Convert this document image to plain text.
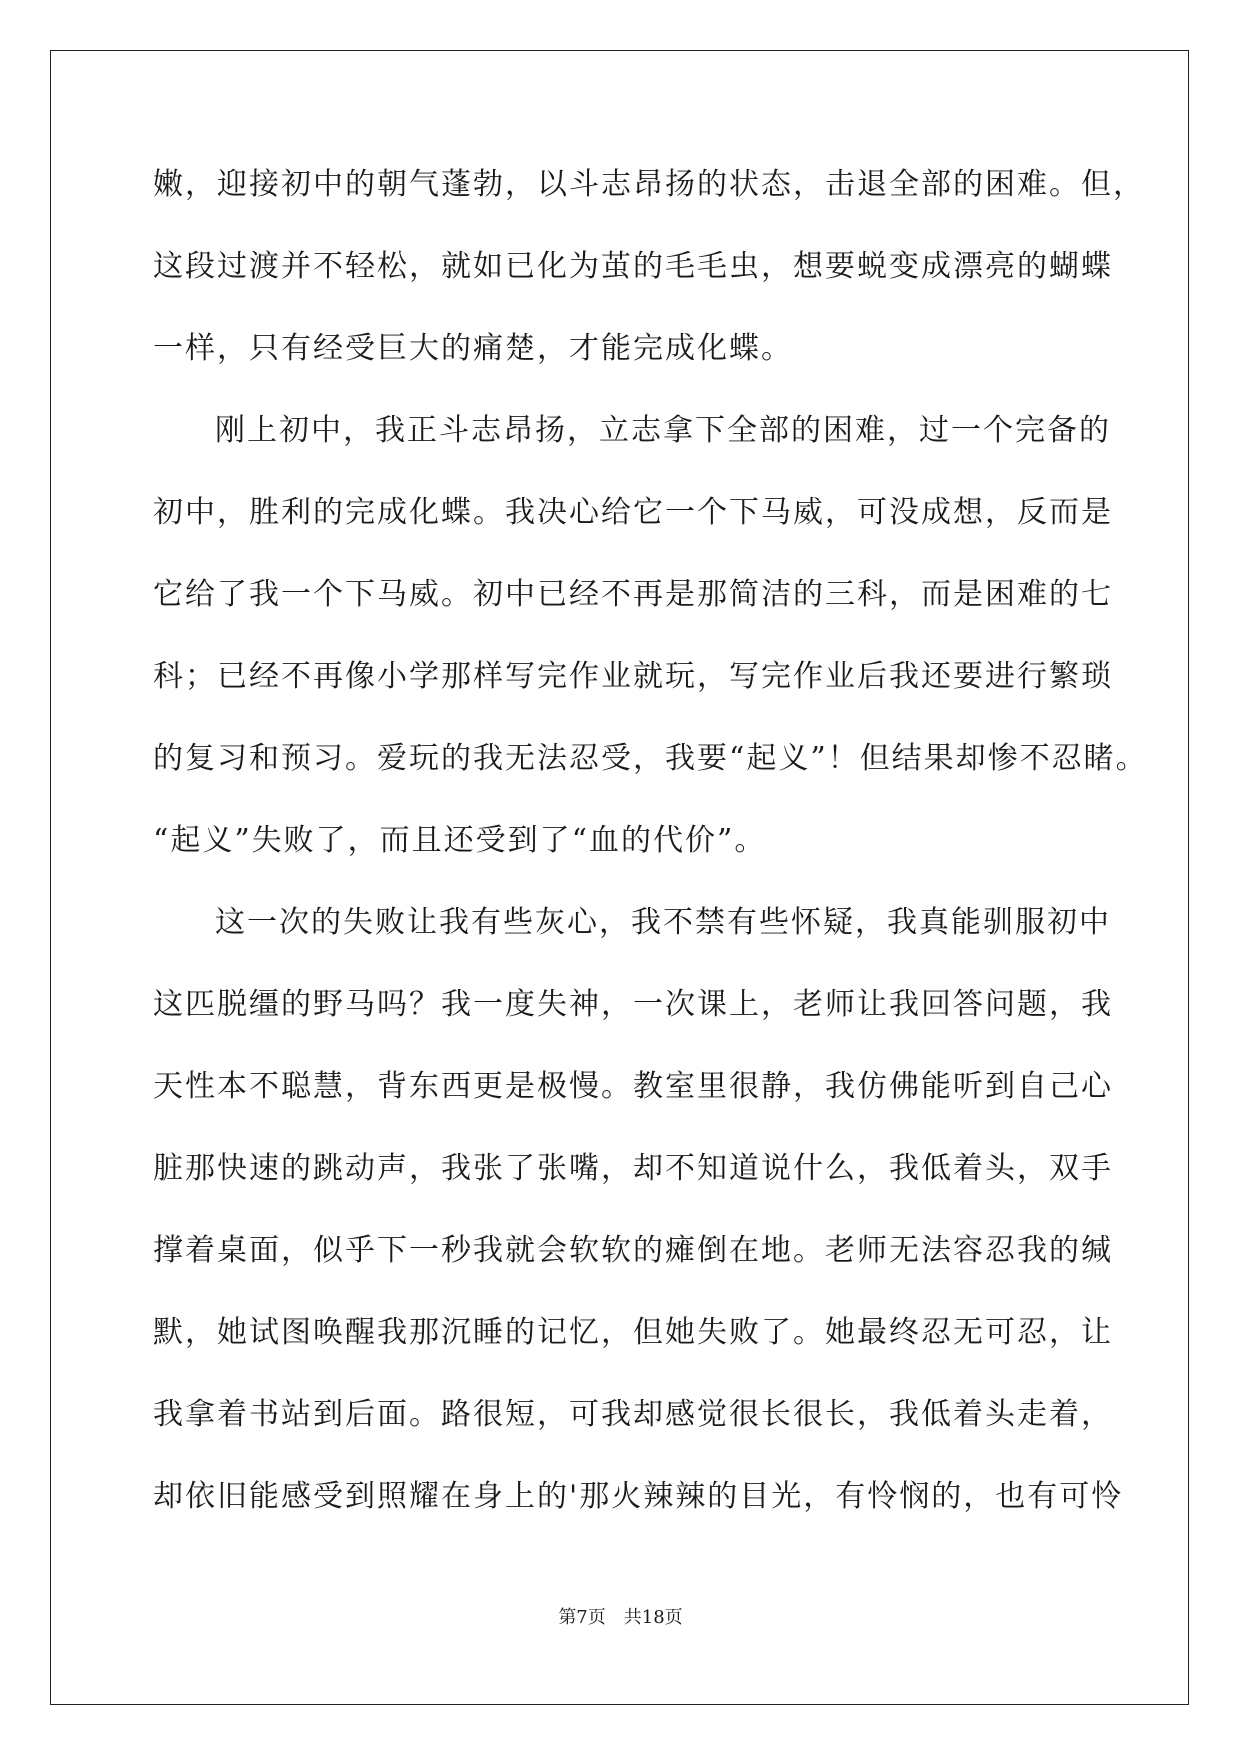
嫩，迎接初中的朝气蓬勃，以斗志昂扬的状态，击退全部的困难。但，
这段过渡并不轻松，就如已化为茧的毛毛虫，想要蜕变成漂亮的蝴蝶
一样，只有经受巨大的痛楚，才能完成化蝶。
刚上初中，我正斗志昂扬，立志拿下全部的困难，过一个完备的
初中，胜利的完成化蝶。我决心给它一个下马威，可没成想，反而是
它给了我一个下马威。初中已经不再是那简洁的三科，而是困难的七
科；已经不再像小学那样写完作业就玩，写完作业后我还要进行繁琐
的复习和预习。爱玩的我无法忍受，我要“起义”！但结果却惨不忍睹。
“起义”失败了，而且还受到了“血的代价”。
这一次的失败让我有些灰心，我不禁有些怀疑，我真能驯服初中
这匹脱缰的野马吗？我一度失神，一次课上，老师让我回答问题，我
天性本不聪慧，背东西更是极慢。教室里很静，我仿佛能听到自己心
脏那快速的跳动声，我张了张嘴，却不知道说什么，我低着头，双手
撑着桌面，似乎下一秒我就会软软的瘫倒在地。老师无法容忍我的缄
默，她试图唤醒我那沉睡的记忆，但她失败了。她最终忍无可忍，让
我拿着书站到后面。路很短，可我却感觉很长很长，我低着头走着，
却依旧能感受到照耀在身上的'那火辣辣的目光，有怜悯的，也有可怜
第7页　共18页
